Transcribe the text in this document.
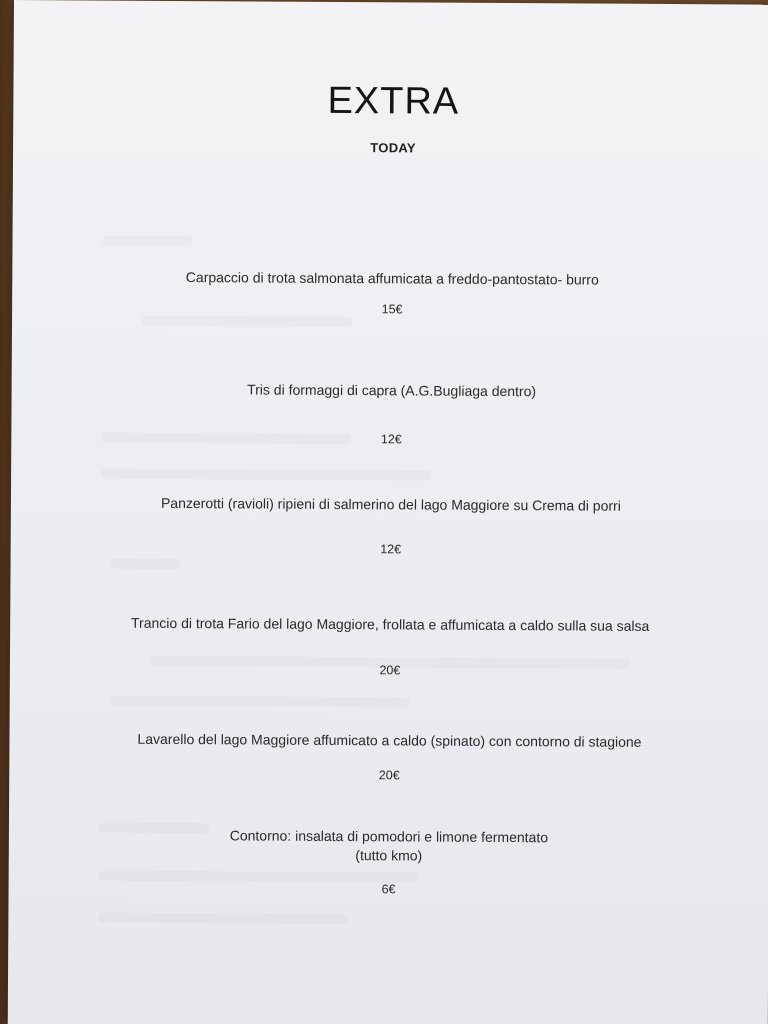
EXTRA
TODAY
Carpaccio di trota salmonata affumicata a freddo-pantostato- burro
15€
Tris di formaggi di capra (A.G.Bugliaga dentro)
12€
Panzerotti (ravioli) ripieni di salmerino del lago Maggiore su Crema di porri
12€
Trancio di trota Fario del lago Maggiore, frollata e affumicata a caldo sulla sua salsa
20€
Lavarello del lago Maggiore affumicato a caldo (spinato) con contorno di stagione
20€
Contorno: insalata di pomodori e limone fermentato
(tutto kmo)
6€
